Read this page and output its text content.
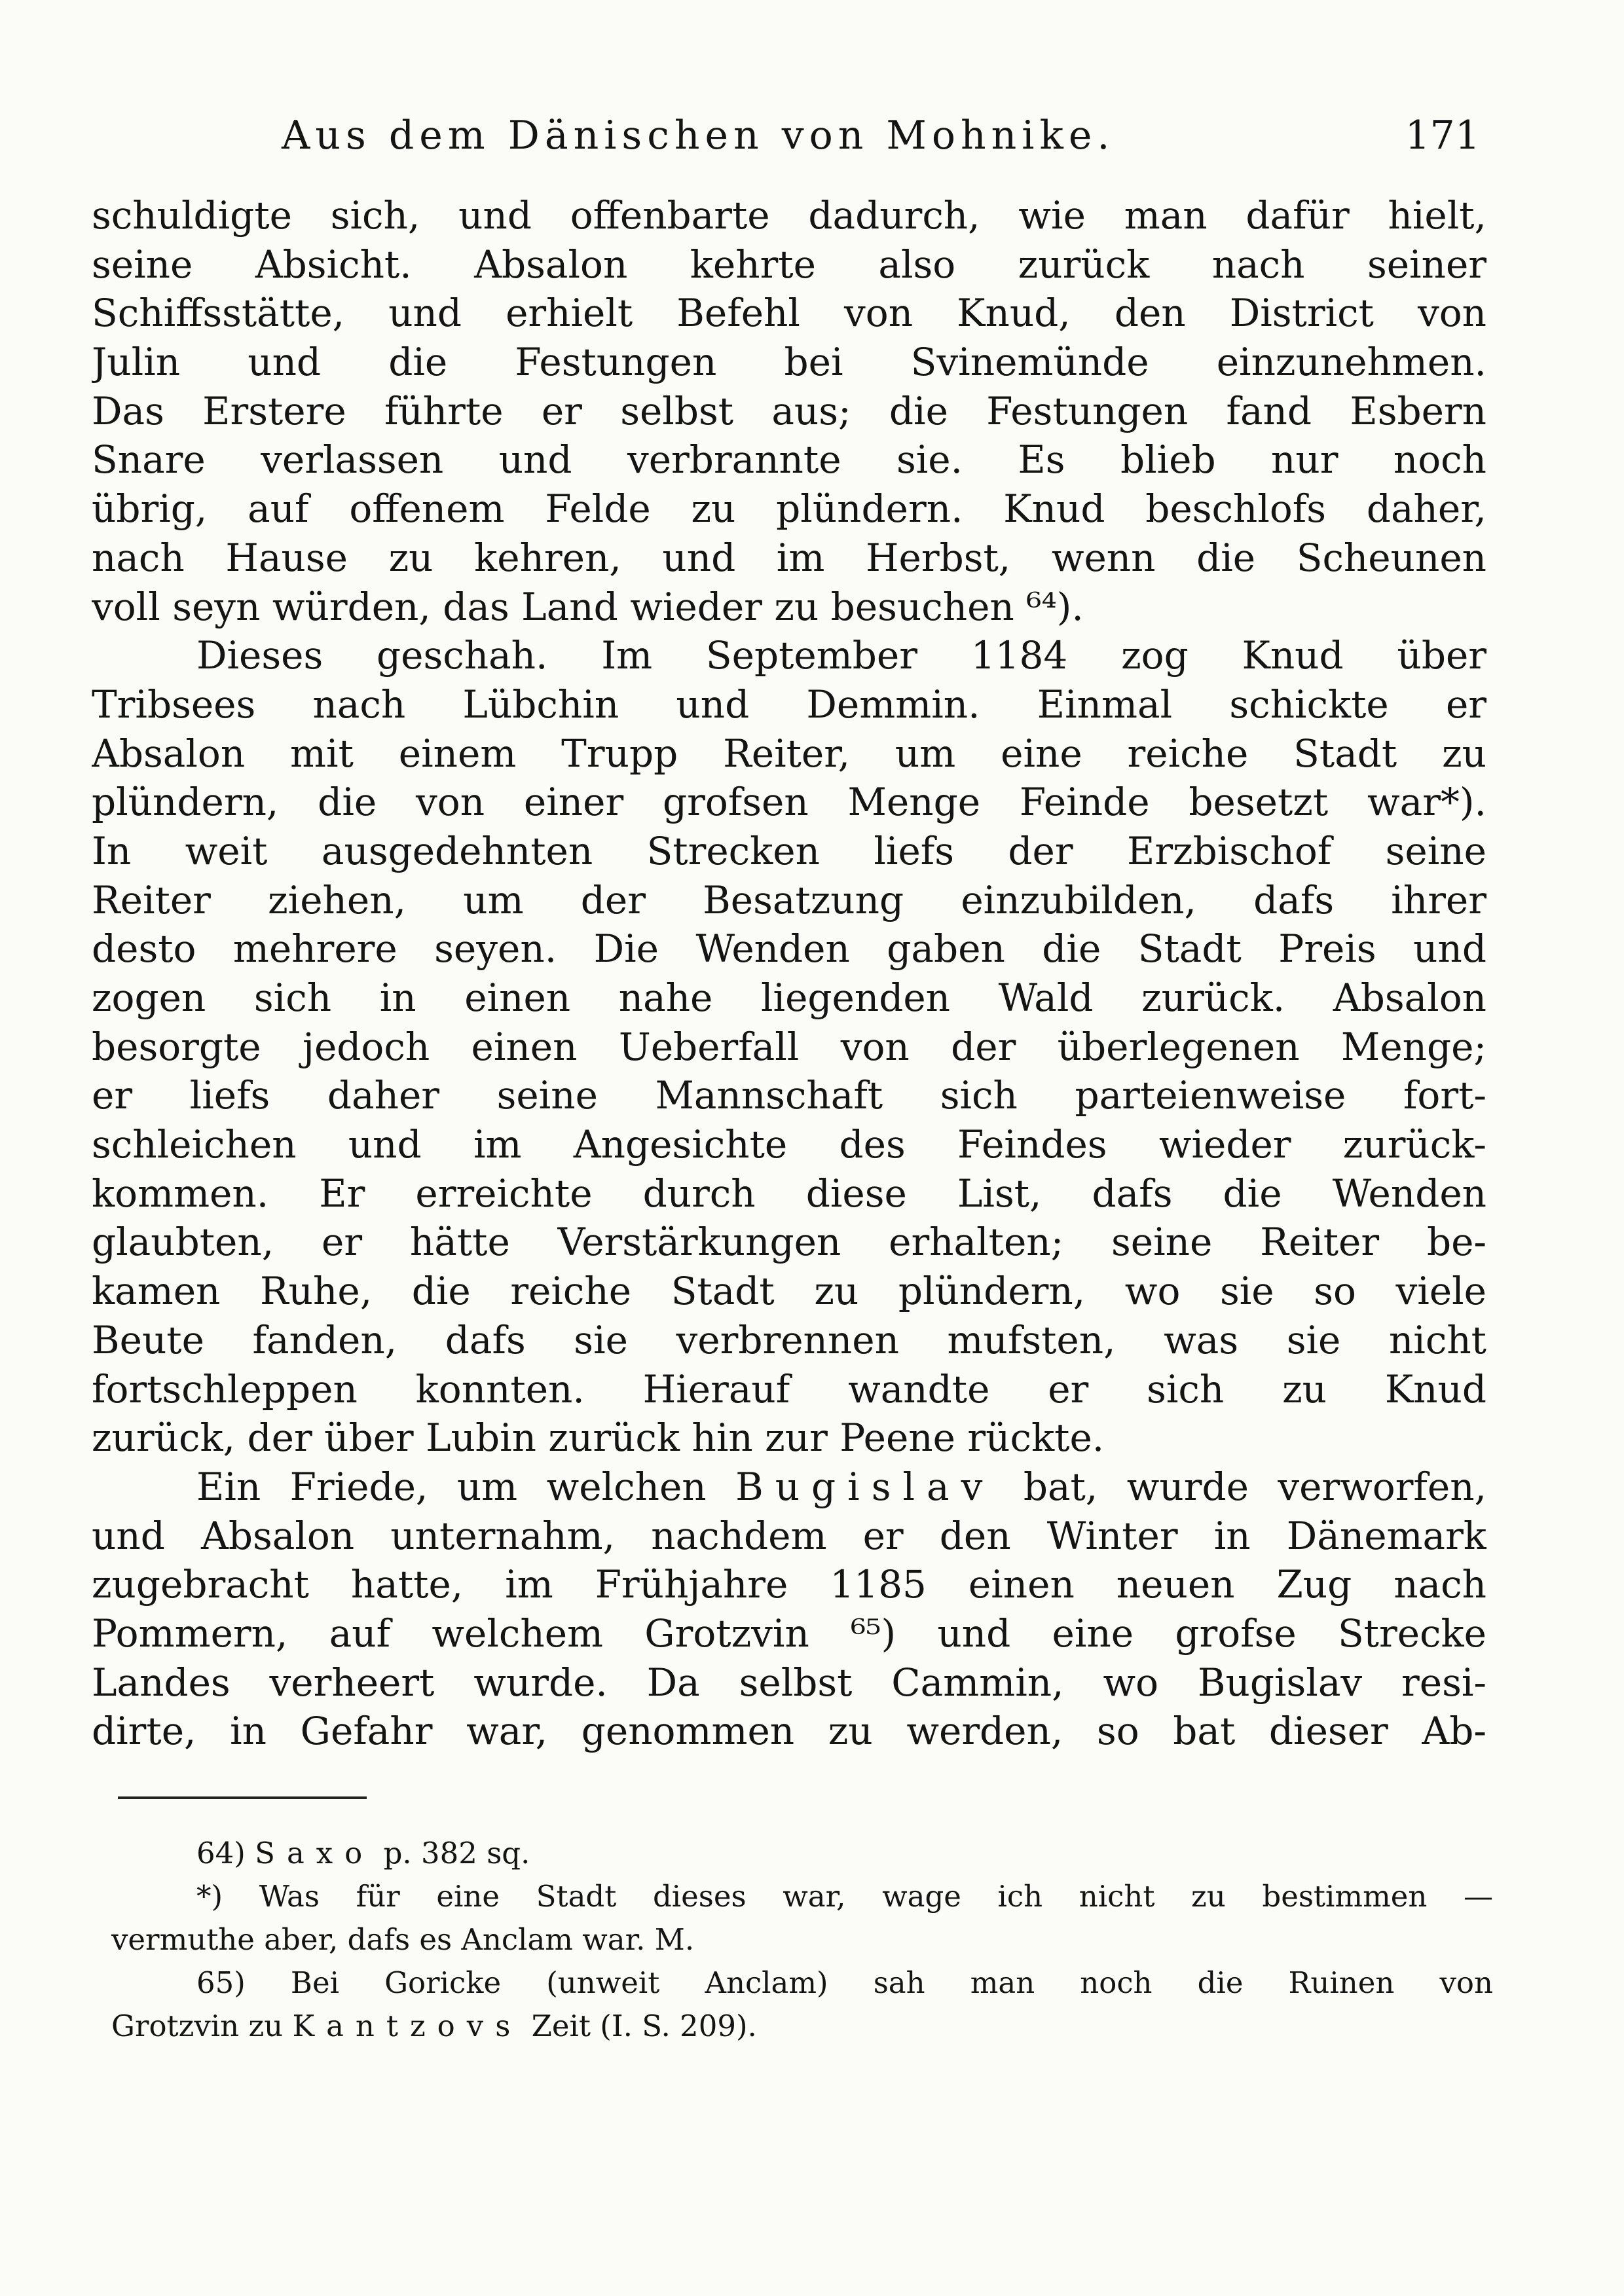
Aus dem Dänischen von Mohnike.	171
schuldigte sich, und offenbarte dadurch, wie man dafür hielt,
seine Absicht. Absalon kehrte also zurück nach seiner
Schiffsstätte, und erhielt Befehl von Knud, den District von
Julin und die Festungen bei Svinemünde einzunehmen.
Das Erstere führte er selbst aus; die Festungen fand Esbern
Snare verlassen und verbrannte sie. Es blieb nur noch
übrig, auf offenem Felde zu plündern. Knud beschlofs daher,
nach Hause zu kehren, und im Herbst, wenn die Scheunen
voll seyn würden, das Land wieder zu besuchen ⁶⁴).
Dieses geschah. Im September 1184 zog Knud über
Tribsees nach Lübchin und Demmin. Einmal schickte er
Absalon mit einem Trupp Reiter, um eine reiche Stadt zu
plündern, die von einer grofsen Menge Feinde besetzt war*).
In weit ausgedehnten Strecken liefs der Erzbischof seine
Reiter ziehen, um der Besatzung einzubilden, dafs ihrer
desto mehrere seyen. Die Wenden gaben die Stadt Preis und
zogen sich in einen nahe liegenden Wald zurück. Absalon
besorgte jedoch einen Ueberfall von der überlegenen Menge;
er liefs daher seine Mannschaft sich parteienweise fort-
schleichen und im Angesichte des Feindes wieder zurück-
kommen. Er erreichte durch diese List, dafs die Wenden
glaubten, er hätte Verstärkungen erhalten; seine Reiter be-
kamen Ruhe, die reiche Stadt zu plündern, wo sie so viele
Beute fanden, dafs sie verbrennen mufsten, was sie nicht
fortschleppen konnten. Hierauf wandte er sich zu Knud
zurück, der über Lubin zurück hin zur Peene rückte.
Ein Friede, um welchen Bugislav bat, wurde verworfen,
und Absalon unternahm, nachdem er den Winter in Dänemark
zugebracht hatte, im Frühjahre 1185 einen neuen Zug nach
Pommern, auf welchem Grotzvin ⁶⁵) und eine grofse Strecke
Landes verheert wurde. Da selbst Cammin, wo Bugislav resi-
dirte, in Gefahr war, genommen zu werden, so bat dieser Ab-
64) Saxo p. 382 sq.
*) Was für eine Stadt dieses war, wage ich nicht zu bestimmen —
vermuthe aber, dafs es Anclam war. M.
65) Bei Goricke (unweit Anclam) sah man noch die Ruinen von
Grotzvin zu Kantzovs Zeit (I. S. 209).
